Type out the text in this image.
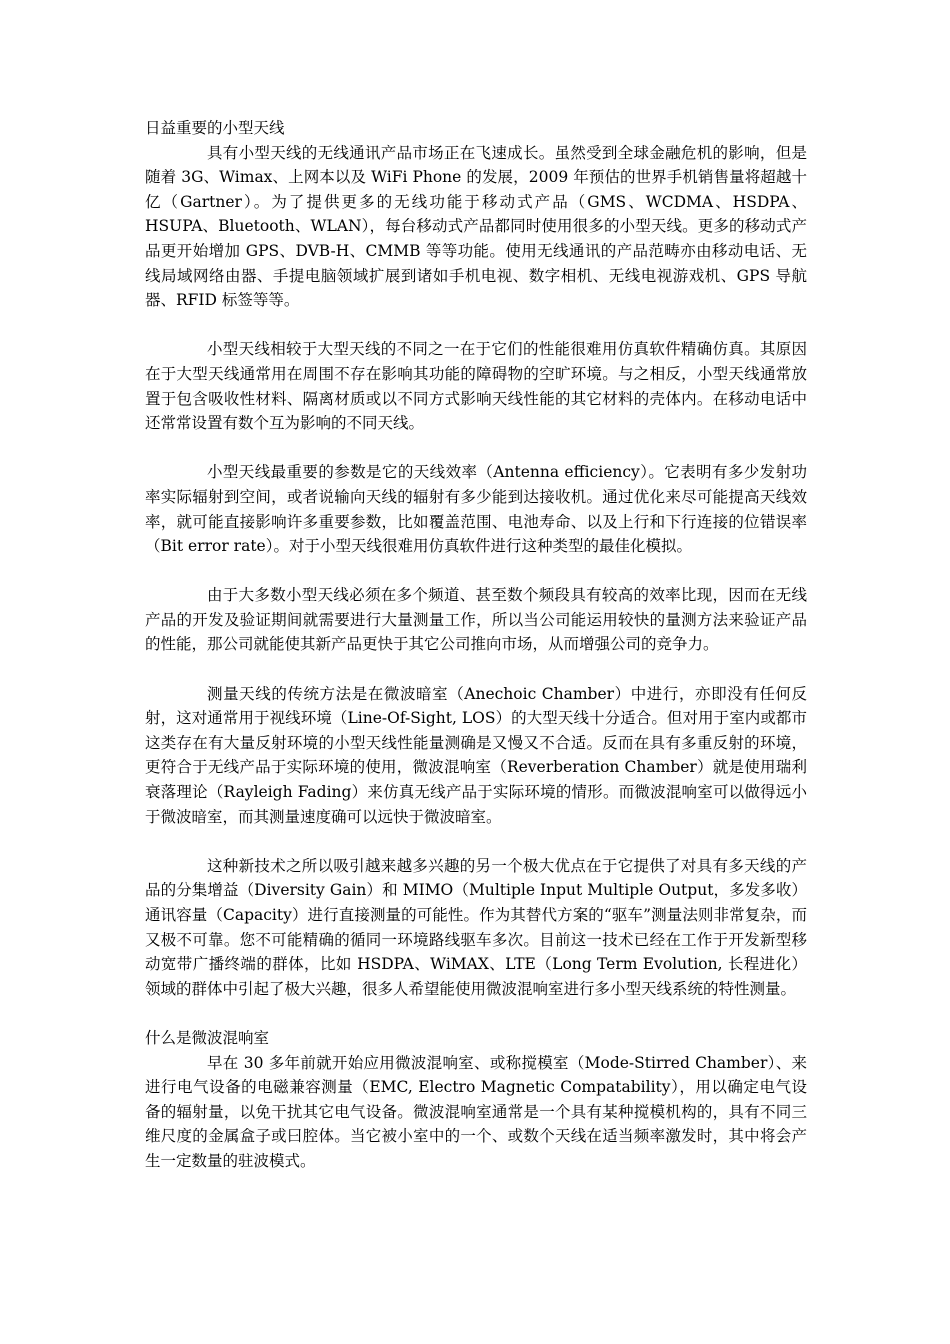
日益重要的小型天线

具有小型天线的无线通讯产品市场正在飞速成长。虽然受到全球金融危机的影响，但是随着 3G、Wimax、上网本以及 WiFi Phone 的发展，2009 年预估的世界手机销售量将超越十亿（Gartner）。为了提供更多的无线功能于移动式产品（GMS、WCDMA、HSDPA、HSUPA、Bluetooth、WLAN），每台移动式产品都同时使用很多的小型天线。更多的移动式产品更开始增加 GPS、DVB-H、CMMB 等等功能。使用无线通讯的产品范畴亦由移动电话、无线局域网络由器、手提电脑领域扩展到诸如手机电视、数字相机、无线电视游戏机、GPS 导航器、RFID 标签等等。

小型天线相较于大型天线的不同之一在于它们的性能很难用仿真软件精确仿真。其原因在于大型天线通常用在周围不存在影响其功能的障碍物的空旷环境。与之相反，小型天线通常放置于包含吸收性材料、隔离材质或以不同方式影响天线性能的其它材料的壳体内。在移动电话中还常常设置有数个互为影响的不同天线。

小型天线最重要的参数是它的天线效率（Antenna efficiency）。它表明有多少发射功率实际辐射到空间，或者说输向天线的辐射有多少能到达接收机。通过优化来尽可能提高天线效率，就可能直接影响许多重要参数，比如覆盖范围、电池寿命、以及上行和下行连接的位错误率（Bit error rate）。对于小型天线很难用仿真软件进行这种类型的最佳化模拟。

由于大多数小型天线必须在多个频道、甚至数个频段具有较高的效率比现，因而在无线产品的开发及验证期间就需要进行大量测量工作，所以当公司能运用较快的量测方法来验证产品的性能，那公司就能使其新产品更快于其它公司推向市场，从而增强公司的竞争力。

测量天线的传统方法是在微波暗室（Anechoic Chamber）中进行，亦即没有任何反射，这对通常用于视线环境（Line-Of-Sight, LOS）的大型天线十分适合。但对用于室内或都市这类存在有大量反射环境的小型天线性能量测确是又慢又不合适。反而在具有多重反射的环境，更符合于无线产品于实际环境的使用，微波混响室（Reverberation Chamber）就是使用瑞利衰落理论（Rayleigh Fading）来仿真无线产品于实际环境的情形。而微波混响室可以做得远小于微波暗室，而其测量速度确可以远快于微波暗室。

这种新技术之所以吸引越来越多兴趣的另一个极大优点在于它提供了对具有多天线的产品的分集增益（Diversity Gain）和 MIMO（Multiple Input Multiple Output，多发多收）通讯容量（Capacity）进行直接测量的可能性。作为其替代方案的“驱车”测量法则非常复杂，而又极不可靠。您不可能精确的循同一环境路线驱车多次。目前这一技术已经在工作于开发新型移动宽带广播终端的群体，比如 HSDPA、WiMAX、LTE（Long Term Evolution, 长程进化）领域的群体中引起了极大兴趣，很多人希望能使用微波混响室进行多小型天线系统的特性测量。

什么是微波混响室

早在 30 多年前就开始应用微波混响室、或称搅模室（Mode-Stirred Chamber）、来进行电气设备的电磁兼容测量（EMC, Electro Magnetic Compatability），用以确定电气设备的辐射量，以免干扰其它电气设备。微波混响室通常是一个具有某种搅模机构的，具有不同三维尺度的金属盒子或曰腔体。当它被小室中的一个、或数个天线在适当频率激发时，其中将会产生一定数量的驻波模式。
